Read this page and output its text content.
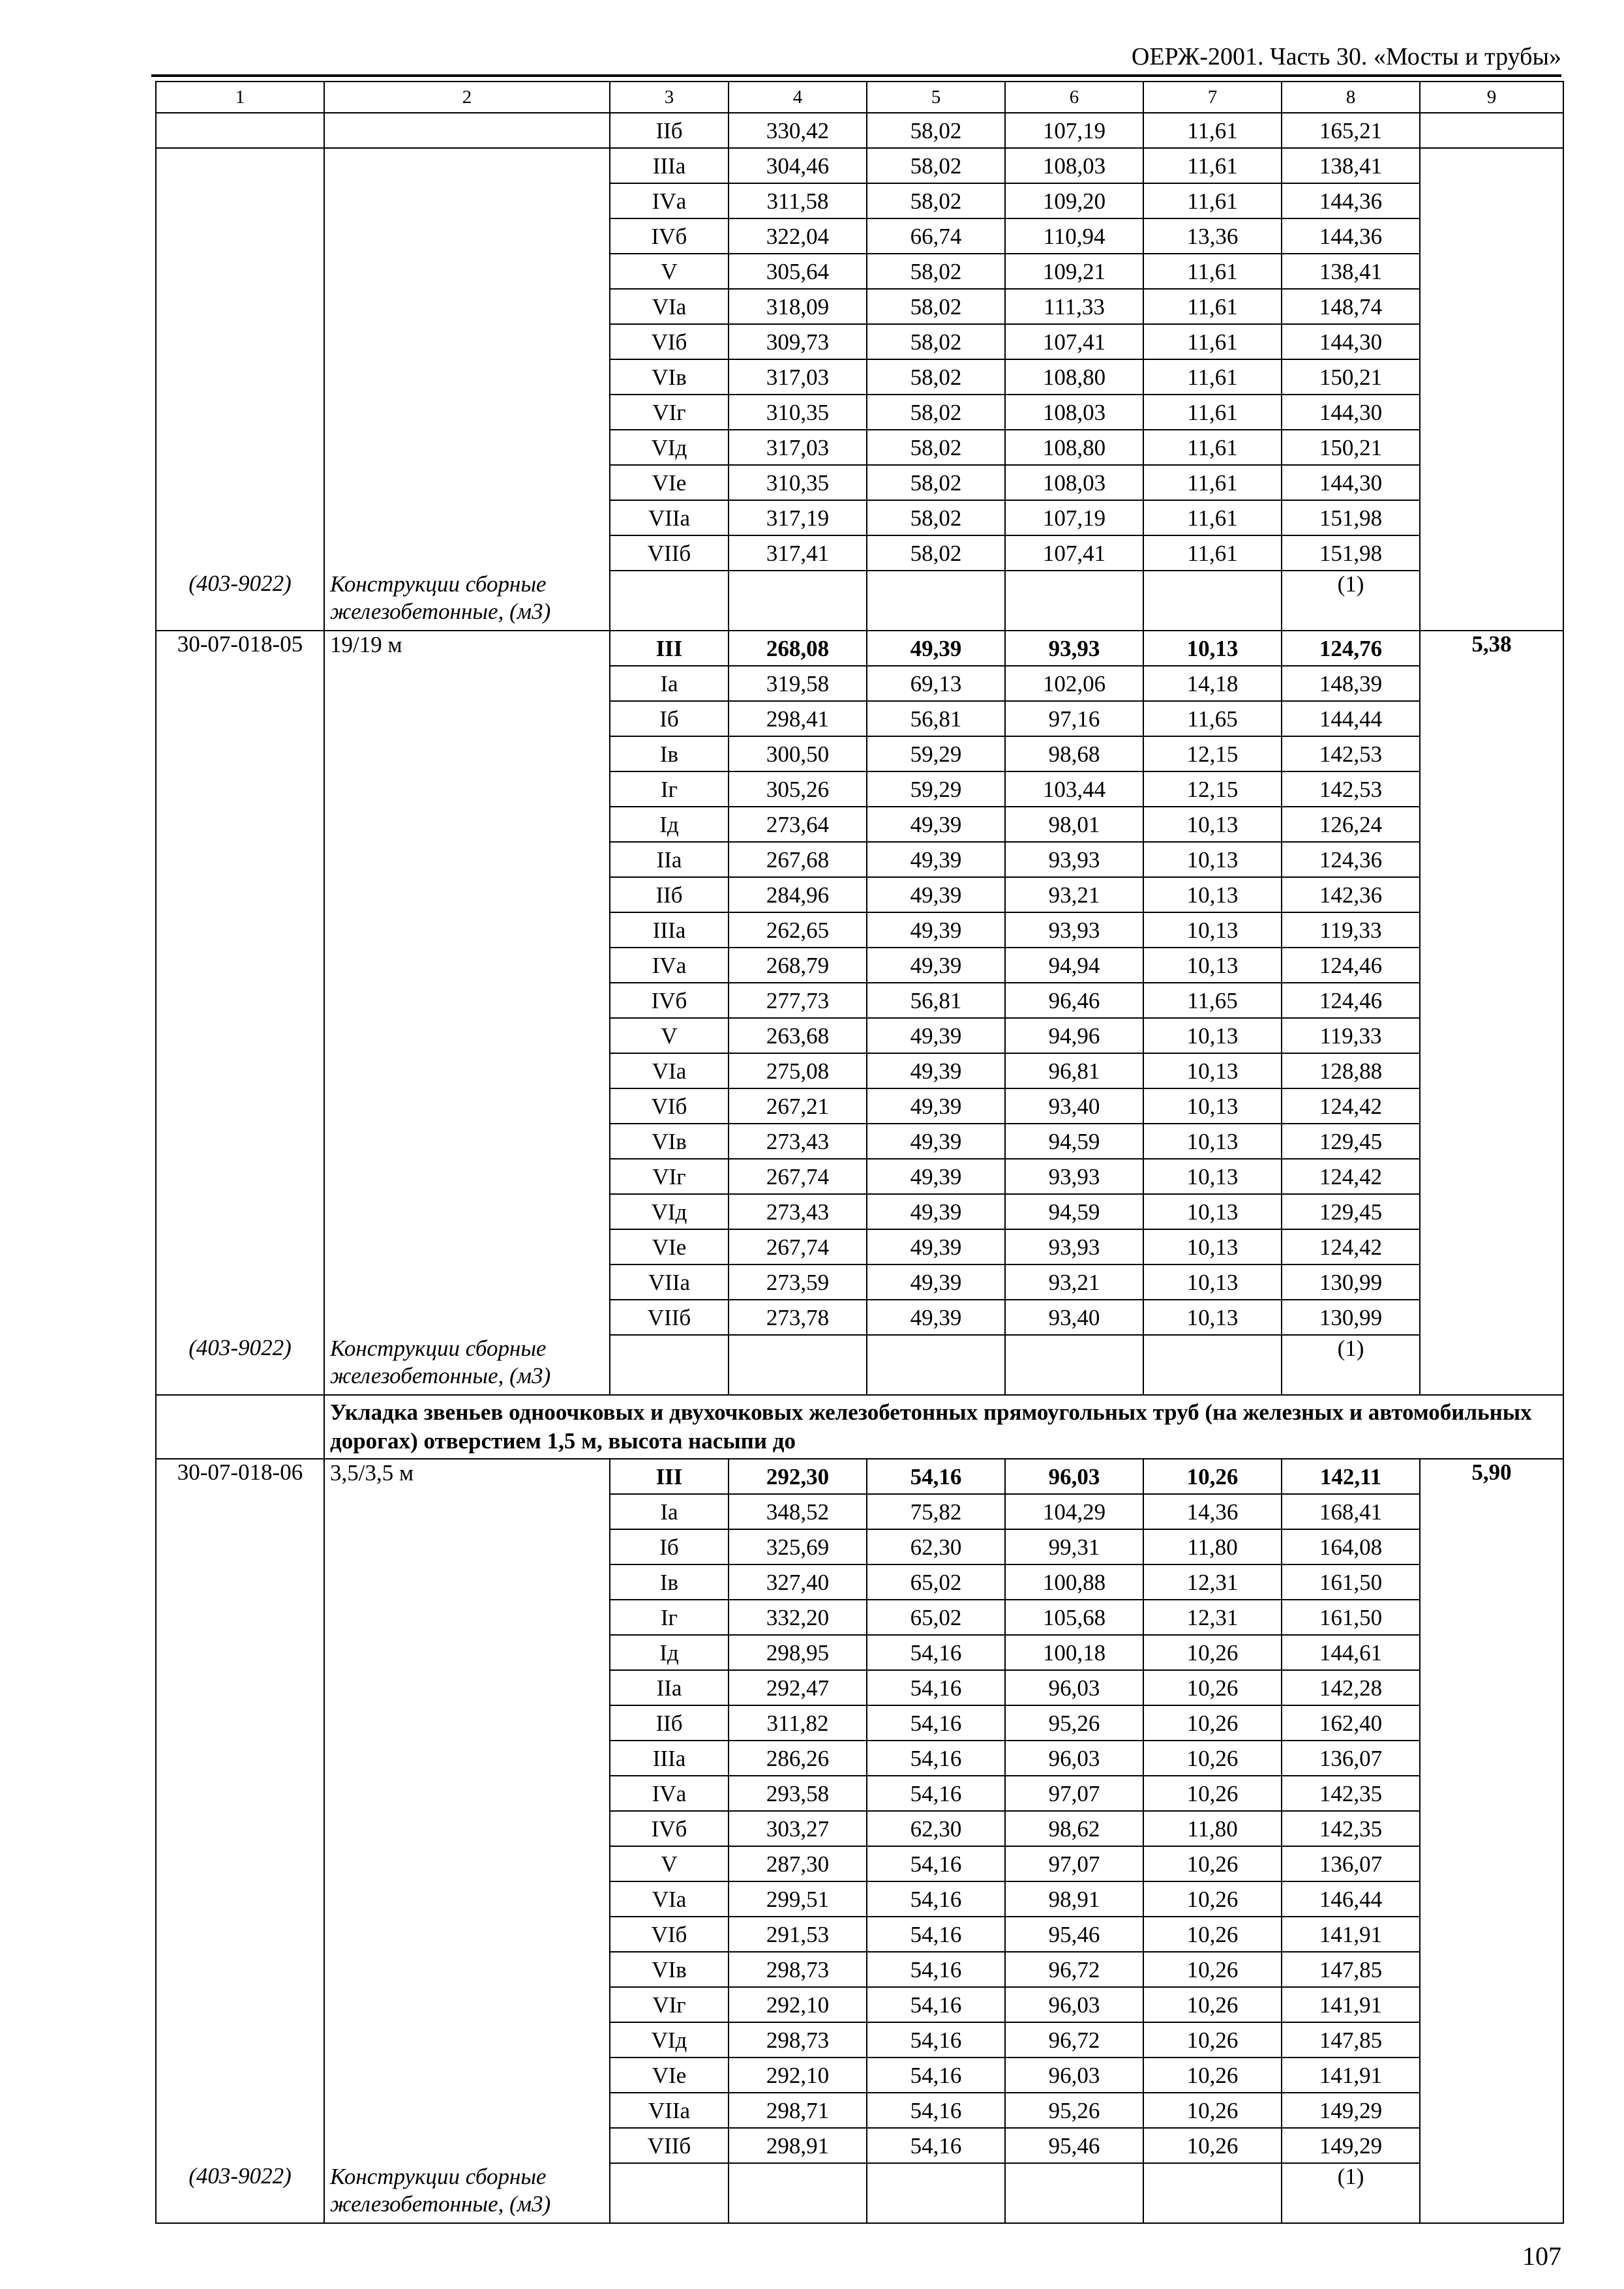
ОЕРЖ-2001. Часть 30. «Мосты и трубы»
1	2	3	4	5	6	7	8	9
		IIб	330,42	58,02	107,19	11,61	165,21	
		IIIа	304,46	58,02	108,03	11,61	138,41	
		IVа	311,58	58,02	109,20	11,61	144,36	
		IVб	322,04	66,74	110,94	13,36	144,36	
		V	305,64	58,02	109,21	11,61	138,41	
		VIа	318,09	58,02	111,33	11,61	148,74	
		VIб	309,73	58,02	107,41	11,61	144,30	
		VIв	317,03	58,02	108,80	11,61	150,21	
		VIг	310,35	58,02	108,03	11,61	144,30	
		VIд	317,03	58,02	108,80	11,61	150,21	
		VIе	310,35	58,02	108,03	11,61	144,30	
		VIIа	317,19	58,02	107,19	11,61	151,98	
		VIIб	317,41	58,02	107,41	11,61	151,98	
(403-9022)	Конструкции сборные железобетонные, (м3)						(1)	
30-07-018-05	19/19 м	III	268,08	49,39	93,93	10,13	124,76	5,38
		Iа	319,58	69,13	102,06	14,18	148,39	
		Iб	298,41	56,81	97,16	11,65	144,44	
		Iв	300,50	59,29	98,68	12,15	142,53	
		Iг	305,26	59,29	103,44	12,15	142,53	
		Iд	273,64	49,39	98,01	10,13	126,24	
		IIа	267,68	49,39	93,93	10,13	124,36	
		IIб	284,96	49,39	93,21	10,13	142,36	
		IIIа	262,65	49,39	93,93	10,13	119,33	
		IVа	268,79	49,39	94,94	10,13	124,46	
		IVб	277,73	56,81	96,46	11,65	124,46	
		V	263,68	49,39	94,96	10,13	119,33	
		VIа	275,08	49,39	96,81	10,13	128,88	
		VIб	267,21	49,39	93,40	10,13	124,42	
		VIв	273,43	49,39	94,59	10,13	129,45	
		VIг	267,74	49,39	93,93	10,13	124,42	
		VIд	273,43	49,39	94,59	10,13	129,45	
		VIе	267,74	49,39	93,93	10,13	124,42	
		VIIа	273,59	49,39	93,21	10,13	130,99	
		VIIб	273,78	49,39	93,40	10,13	130,99	
(403-9022)	Конструкции сборные железобетонные, (м3)						(1)	
	Укладка звеньев одноочковых и двухочковых железобетонных прямоугольных труб (на железных и автомобильных дорогах) отверстием 1,5 м, высота насыпи до							
30-07-018-06	3,5/3,5 м	III	292,30	54,16	96,03	10,26	142,11	5,90
		Iа	348,52	75,82	104,29	14,36	168,41	
		Iб	325,69	62,30	99,31	11,80	164,08	
		Iв	327,40	65,02	100,88	12,31	161,50	
		Iг	332,20	65,02	105,68	12,31	161,50	
		Iд	298,95	54,16	100,18	10,26	144,61	
		IIа	292,47	54,16	96,03	10,26	142,28	
		IIб	311,82	54,16	95,26	10,26	162,40	
		IIIа	286,26	54,16	96,03	10,26	136,07	
		IVа	293,58	54,16	97,07	10,26	142,35	
		IVб	303,27	62,30	98,62	11,80	142,35	
		V	287,30	54,16	97,07	10,26	136,07	
		VIа	299,51	54,16	98,91	10,26	146,44	
		VIб	291,53	54,16	95,46	10,26	141,91	
		VIв	298,73	54,16	96,72	10,26	147,85	
		VIг	292,10	54,16	96,03	10,26	141,91	
		VIд	298,73	54,16	96,72	10,26	147,85	
		VIе	292,10	54,16	96,03	10,26	141,91	
		VIIа	298,71	54,16	95,26	10,26	149,29	
		VIIб	298,91	54,16	95,46	10,26	149,29	
(403-9022)	Конструкции сборные железобетонные, (м3)						(1)	
107
